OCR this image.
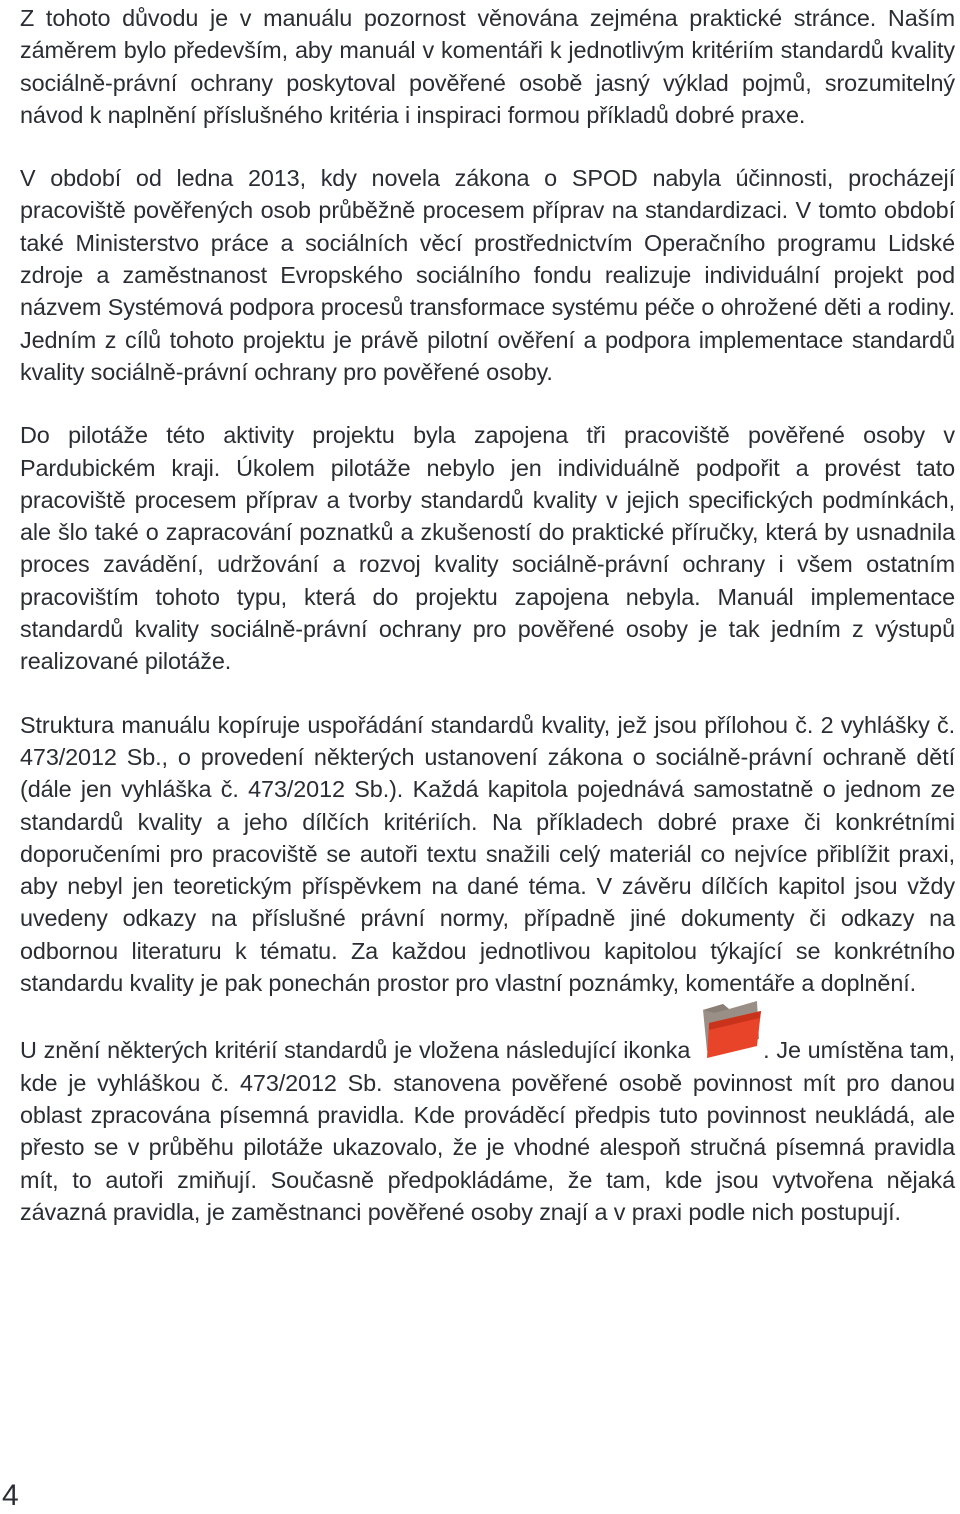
Z tohoto důvodu je v manuálu pozornost věnována zejména praktické stránce. Naším záměrem bylo především, aby manuál v komentáři k jednotlivým kritériím standardů kvality sociálně-právní ochrany poskytoval pověřené osobě jasný výklad pojmů, srozumitelný návod k naplnění příslušného kritéria i inspiraci formou příkladů dobré praxe.

V období od ledna 2013, kdy novela zákona o SPOD nabyla účinnosti, procházejí pracoviště pověřených osob průběžně procesem příprav na standardizaci. V tomto období také Ministerstvo práce a sociálních věcí prostřednictvím Operačního programu Lidské zdroje a zaměstnanost Evropského sociálního fondu realizuje individuální projekt pod názvem Systémová podpora procesů transformace systému péče o ohrožené děti a rodiny. Jedním z cílů tohoto projektu je právě pilotní ověření a podpora implementace standardů kvality sociálně-právní ochrany pro pověřené osoby.

Do pilotáže této aktivity projektu byla zapojena tři pracoviště pověřené osoby v Pardubickém kraji. Úkolem pilotáže nebylo jen individuálně podpořit a provést tato pracoviště procesem příprav a tvorby standardů kvality v jejich specifických podmínkách, ale šlo také o zapracování poznatků a zkušeností do praktické příručky, která by usnadnila proces zavádění, udržování a rozvoj kvality sociálně-právní ochrany i všem ostatním pracovištím tohoto typu, která do projektu zapojena nebyla. Manuál implementace standardů kvality sociálně-právní ochrany pro pověřené osoby je tak jedním z výstupů realizované pilotáže.

Struktura manuálu kopíruje uspořádání standardů kvality, jež jsou přílohou č. 2 vyhlášky č. 473/2012 Sb., o provedení některých ustanovení zákona o sociálně-právní ochraně dětí (dále jen vyhláška č. 473/2012 Sb.). Každá kapitola pojednává samostatně o jednom ze standardů kvality a jeho dílčích kritériích. Na příkladech dobré praxe či konkrétními doporučeními pro pracoviště se autoři textu snažili celý materiál co nejvíce přiblížit praxi, aby nebyl jen teoretickým příspěvkem na dané téma. V závěru dílčích kapitol jsou vždy uvedeny odkazy na příslušné právní normy, případně jiné dokumenty či odkazy na odbornou literaturu k tématu. Za každou jednotlivou kapitolou týkající se konkrétního standardu kvality je pak ponechán prostor pro vlastní poznámky, komentáře a doplnění.

U znění některých kritérií standardů je vložena následující ikonka	. Je umístěna tam, kde je vyhláškou č. 473/2012 Sb. stanovena pověřené osobě povinnost mít pro danou oblast zpracována písemná pravidla. Kde prováděcí předpis tuto povinnost neukládá, ale přesto se v průběhu pilotáže ukazovalo, že je vhodné alespoň stručná písemná pravidla mít, to autoři zmiňují. Současně předpokládáme, že tam, kde jsou vytvořena nějaká závazná pravidla, je zaměstnanci pověřené osoby znají a v praxi podle nich postupují.

4
